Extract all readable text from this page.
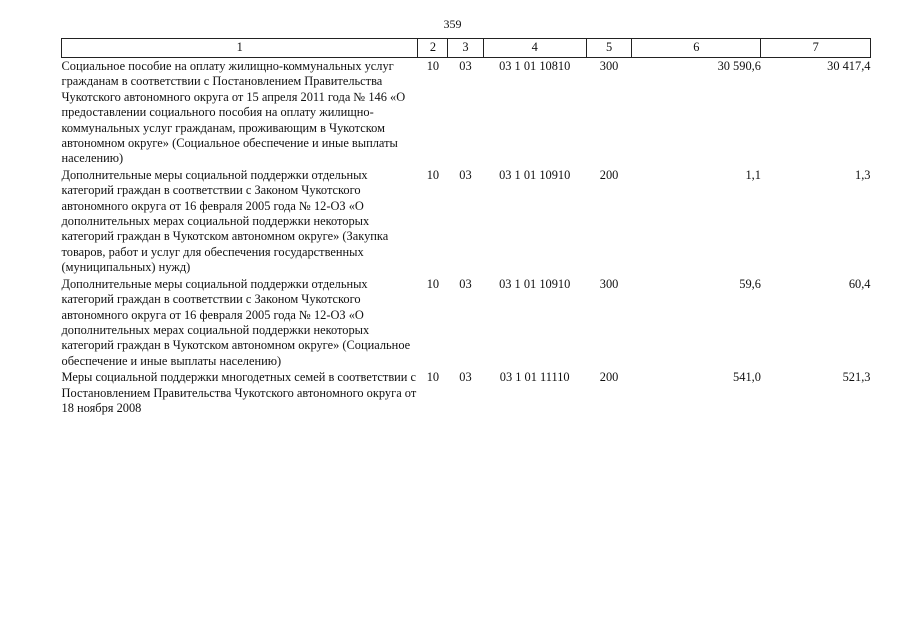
359
1	2	3	4	5	6	7
Социальное пособие на оплату жилищно-коммунальных услуг гражданам в соответствии с Постановлением Правительства Чукотского автономного округа от 15 апреля 2011 года № 146 «О предоставлении социального пособия на оплату жилищно-коммунальных услуг гражданам, проживающим в Чукотском автономном округе» (Социальное обеспечение и иные выплаты населению)	10	03	03 1 01 10810	300	30 590,6	30 417,4
Дополнительные меры социальной поддержки отдельных категорий граждан в соответствии с Законом Чукотского автономного округа от 16 февраля 2005 года № 12-ОЗ «О дополнительных мерах социальной поддержки некоторых категорий граждан в Чукотском автономном округе» (Закупка товаров, работ и услуг для обеспечения государственных (муниципальных) нужд)	10	03	03 1 01 10910	200	1,1	1,3
Дополнительные меры социальной поддержки отдельных категорий граждан в соответствии с Законом Чукотского автономного округа от 16 февраля 2005 года № 12-ОЗ «О дополнительных мерах социальной поддержки некоторых категорий граждан в Чукотском автономном округе» (Социальное обеспечение и иные выплаты населению)	10	03	03 1 01 10910	300	59,6	60,4
Меры социальной поддержки многодетных семей в соответствии с Постановлением Правительства Чукотского автономного округа от 18 ноября 2008	10	03	03 1 01 11110	200	541,0	521,3
